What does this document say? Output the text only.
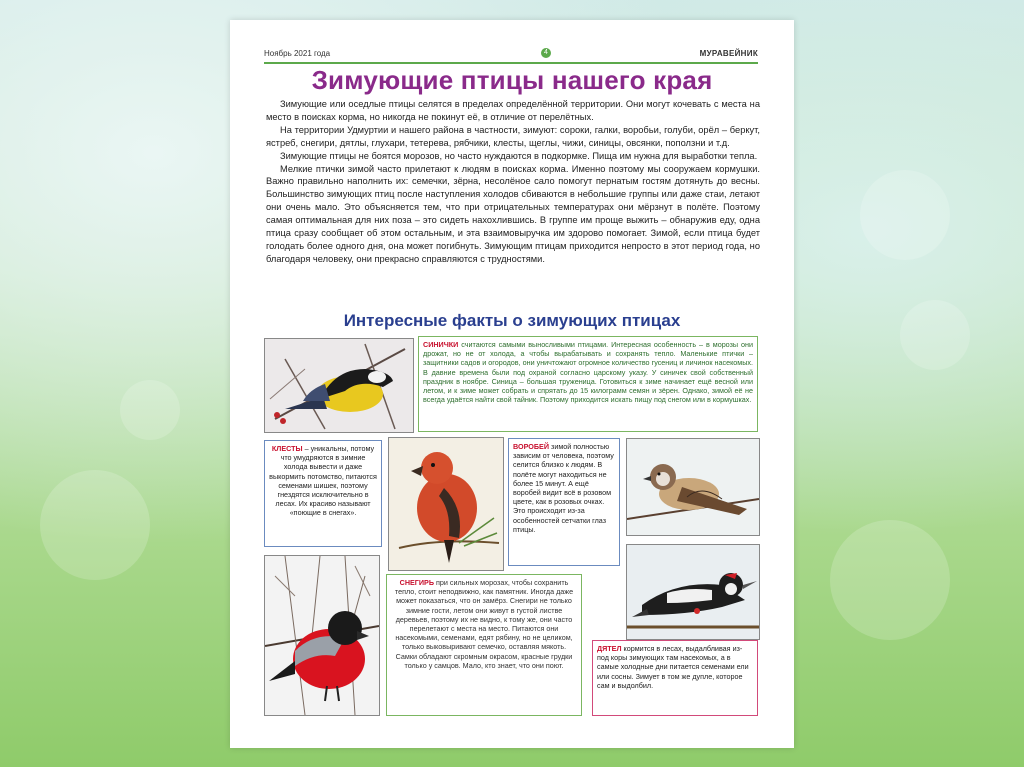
Ноябрь 2021 года	4	МУРАВЕЙНИК
Зимующие птицы нашего края

Зимующие или оседлые птицы селятся в пределах определённой территории. Они могут кочевать с места на место в поисках корма, но никогда не покинут её, в отличие от перелётных.

На территории Удмуртии и нашего района в частности, зимуют: сороки, галки, воробьи, голуби, орёл – беркут, ястреб, снегири, дятлы, глухари, тетерева, рябчики, клесты, щеглы, чижи, синицы, овсянки, поползни и т.д.

Зимующие птицы не боятся морозов, но часто нуждаются в подкормке. Пища им нужна для выработки тепла.

Мелкие птички зимой часто прилетают к людям в поисках корма. Именно поэтому мы сооружаем кормушки. Важно правильно наполнить их: семечки, зёрна, несолёное сало помогут пернатым гостям дотянуть до весны. Большинство зимующих птиц после наступления холодов сбиваются в небольшие группы или даже стаи, летают они очень мало. Это объясняется тем, что при отрицательных температурах они мёрзнут в полёте. Поэтому самая оптимальная для них поза – это сидеть нахохлившись. В группе им проще выжить – обнаружив еду, одна птица сразу сообщает об этом остальным, и эта взаимовыручка им здорово помогает. Зимой, если птица будет голодать более одного дня, она может погибнуть. Зимующим птицам приходится непросто в этот период года, но благодаря человеку, они прекрасно справляются с трудностями.

Интересные факты о зимующих птицах
СИНИЧКИ считаются самыми выносливыми птицами. Интересная особенность – в морозы они дрожат, но не от холода, а чтобы вырабатывать и сохранять тепло. Маленькие птички – защитники садов и огородов, они уничтожают огромное количество гусениц и личинок насекомых. В давние времена были под охраной согласно царскому указу. У синичек свой собственный праздник в ноябре. Синица – большая труженица. Готовиться к зиме начинает ещё весной или летом, и к зиме может собрать и спрятать до 15 килограмм семян и зёрен. Однако, зимой её не всегда удаётся найти свой тайник. Поэтому приходится искать пищу под снегом или в кормушках.
КЛЕСТЫ – уникальны, потому что умудряются в зимние холода вывести и даже выкормить потомство, питаются семенами шишек, поэтому гнездятся исключительно в лесах. Их красиво называют «поющие в снегах».
ВОРОБЕЙ зимой полностью зависим от человека, поэтому селится близко к людям. В полёте могут находиться не более 15 минут. А ещё воробей видит всё в розовом цвете, как в розовых очках. Это происходит из-за особенностей сетчатки глаз птицы.
СНЕГИРЬ при сильных морозах, чтобы сохранить тепло, стоит неподвижно, как памятник. Иногда даже может показаться, что он замёрз. Снегири не только зимние гости, летом они живут в густой листве деревьев, поэтому их не видно, к тому же, они часто перелетают с места на место. Питаются они насекомыми, семенами, едят рябину, но не целиком, только выковыривают семечко, оставляя мякоть. Самки обладают скромным окрасом, красные грудки только у самцов. Мало, кто знает, что они поют.
ДЯТЕЛ кормится в лесах, выдалбливая из-под коры зимующих там насекомых, а в самые холодные дни питается семенами ели или сосны. Зимует в том же дупле, которое сам и выдолбил.
